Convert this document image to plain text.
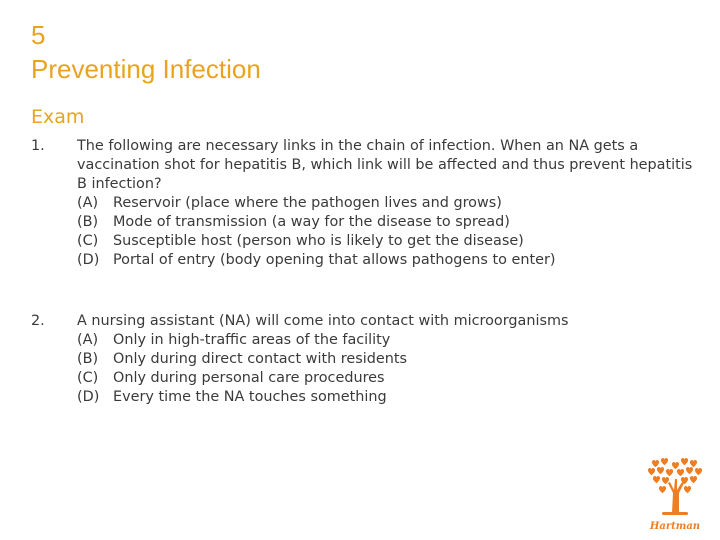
5
Preventing Infection
Exam
1. The following are necessary links in the chain of infection. When an NA gets a vaccination shot for hepatitis B, which link will be affected and thus prevent hepatitis B infection?
(A) Reservoir (place where the pathogen lives and grows)
(B) Mode of transmission (a way for the disease to spread)
(C) Susceptible host (person who is likely to get the disease)
(D) Portal of entry (body opening that allows pathogens to enter)
2. A nursing assistant (NA) will come into contact with microorganisms
(A) Only in high-traffic areas of the facility
(B) Only during direct contact with residents
(C) Only during personal care procedures
(D) Every time the NA touches something
Hartman
